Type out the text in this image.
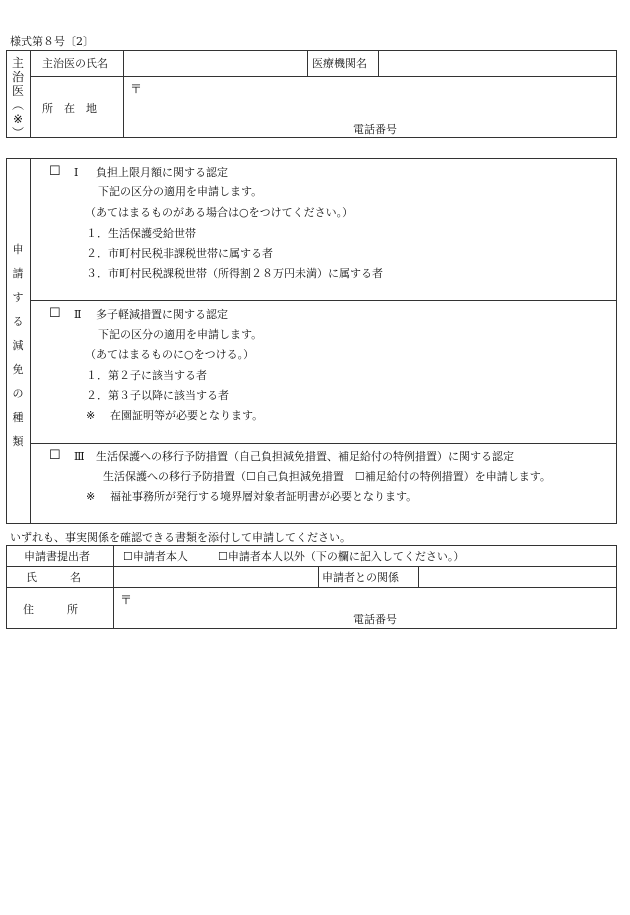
様式第８号〔2〕
主
治
医
︵
※
︶
主治医の氏名	医療機関名
所　在　地
〒
電話番号
申
請
す
る
減
免
の
種
類
☐ Ⅰ 負担上限月額に関する認定
下記の区分の適用を申請します。
（あてはまるものがある場合は○をつけてください。）
１．生活保護受給世帯
２．市町村民税非課税世帯に属する者
３．市町村民税課税世帯（所得割２８万円未満）に属する者
☐ Ⅱ 多子軽減措置に関する認定
下記の区分の適用を申請します。
（あてはまるものに○をつける。）
１．第２子に該当する者
２．第３子以降に該当する者
※ 在園証明等が必要となります。
☐ Ⅲ 生活保護への移行予防措置（自己負担減免措置、補足給付の特例措置）に関する認定
生活保護への移行予防措置（☐自己負担減免措置　☐補足給付の特例措置）を申請します。
※ 福祉事務所が発行する境界層対象者証明書が必要となります。
いずれも、事実関係を確認できる書類を添付して申請してください。
申請書提出者	☐申請者本人	☐申請者本人以外（下の欄に記入してください。）
氏　　　名	申請者との関係
住　　　所
〒
電話番号
